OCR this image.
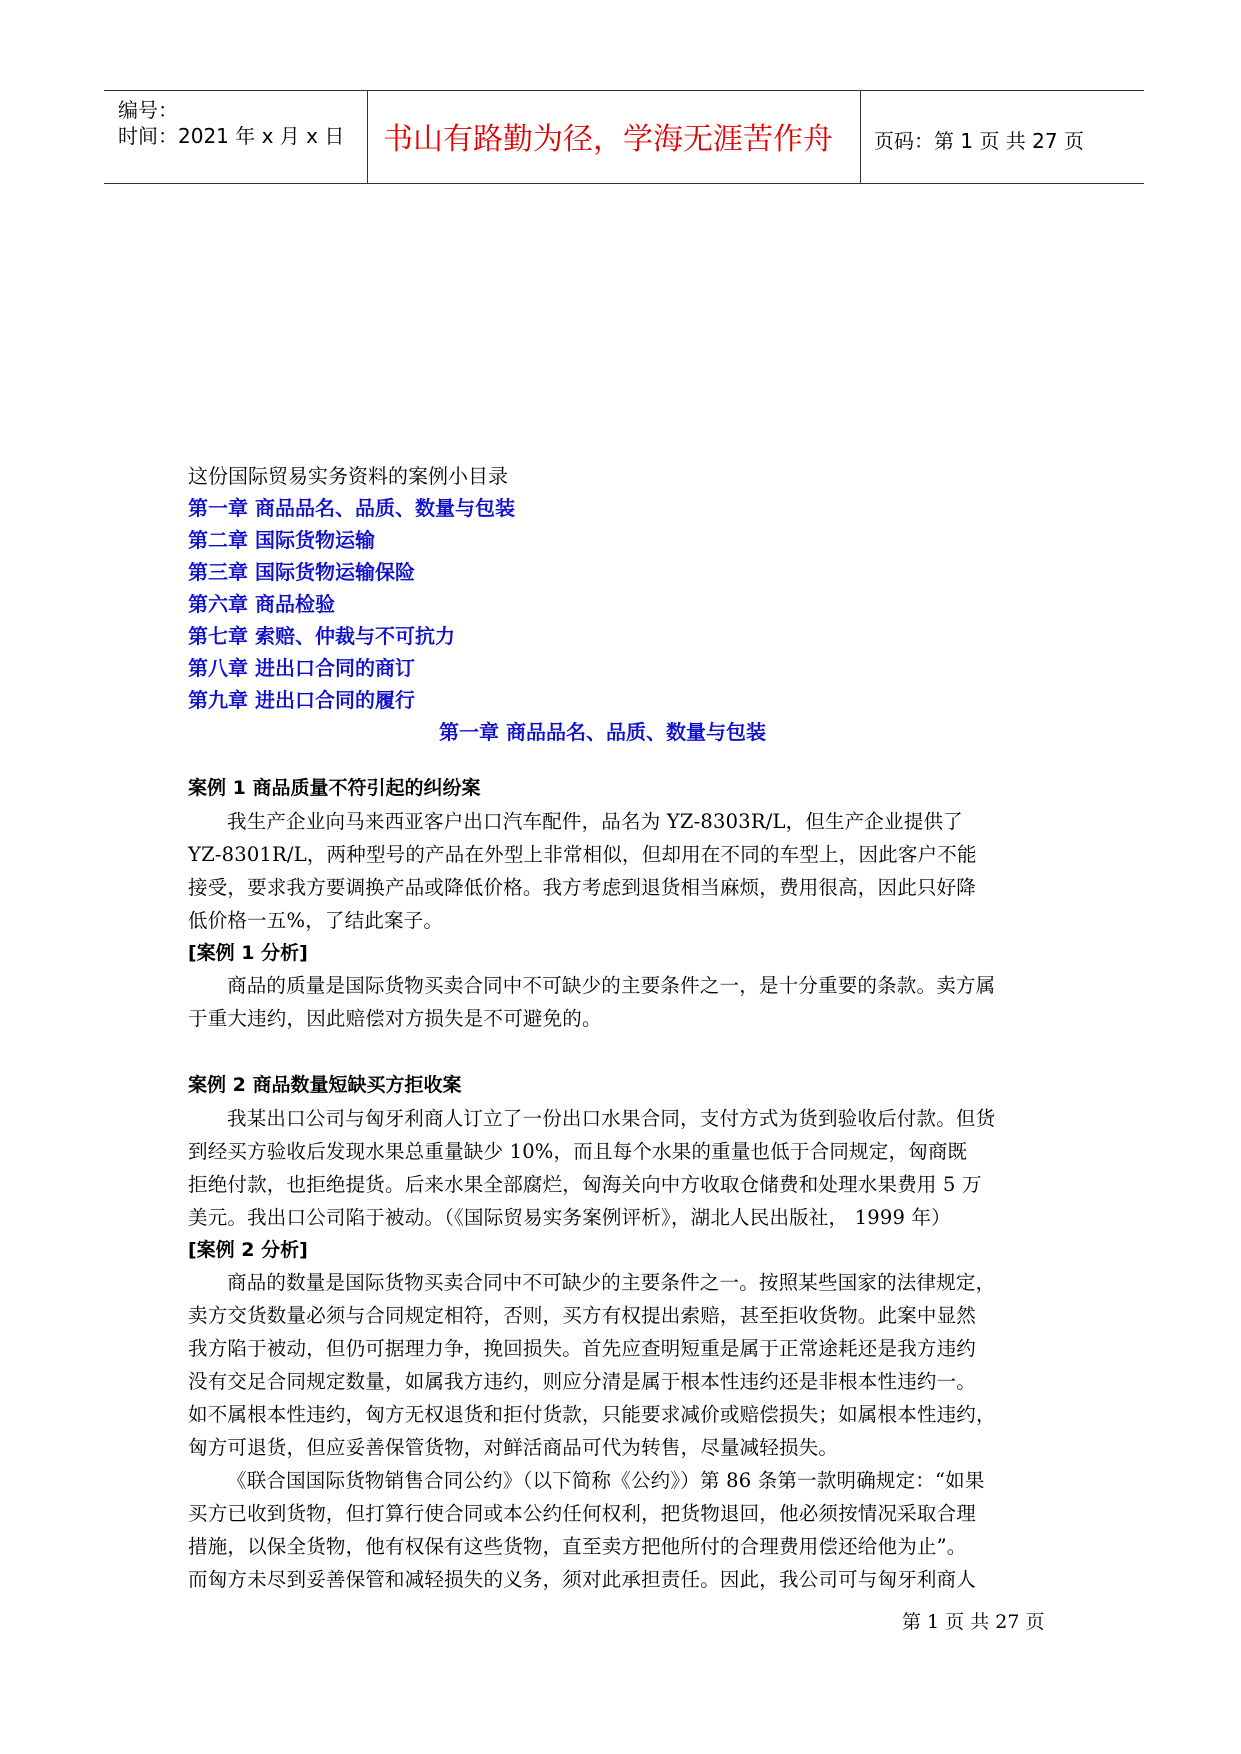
编号：
时间：2021 年 x 月 x 日	书山有路勤为径，学海无涯苦作舟	页码：第 1 页 共 27 页
这份国际贸易实务资料的案例小目录
第一章 商品品名、品质、数量与包装
第二章 国际货物运输
第三章 国际货物运输保险
第六章 商品检验
第七章 索赔、仲裁与不可抗力
第八章 进出口合同的商订
第九章 进出口合同的履行
第一章 商品品名、品质、数量与包装
案例 1 商品质量不符引起的纠纷案
我生产企业向马来西亚客户出口汽车配件，品名为 YZ-8303R/L，但生产企业提供了
YZ-8301R/L，两种型号的产品在外型上非常相似，但却用在不同的车型上，因此客户不能
接受，要求我方要调换产品或降低价格。我方考虑到退货相当麻烦，费用很高，因此只好降
低价格一五%，了结此案子。
[案例 1 分析]
商品的质量是国际货物买卖合同中不可缺少的主要条件之一，是十分重要的条款。卖方属
于重大违约，因此赔偿对方损失是不可避免的。
案例 2 商品数量短缺买方拒收案
我某出口公司与匈牙利商人订立了一份出口水果合同，支付方式为货到验收后付款。但货
到经买方验收后发现水果总重量缺少 10%，而且每个水果的重量也低于合同规定，匈商既
拒绝付款，也拒绝提货。后来水果全部腐烂，匈海关向中方收取仓储费和处理水果费用 5 万
美元。我出口公司陷于被动。（《国际贸易实务案例评析》，湖北人民出版社， 1999 年）
[案例 2 分析]
商品的数量是国际货物买卖合同中不可缺少的主要条件之一。按照某些国家的法律规定，
卖方交货数量必须与合同规定相符，否则，买方有权提出索赔，甚至拒收货物。此案中显然
我方陷于被动，但仍可据理力争，挽回损失。首先应查明短重是属于正常途耗还是我方违约
没有交足合同规定数量，如属我方违约，则应分清是属于根本性违约还是非根本性违约一。
如不属根本性违约，匈方无权退货和拒付货款，只能要求减价或赔偿损失；如属根本性违约，
匈方可退货，但应妥善保管货物，对鲜活商品可代为转售，尽量减轻损失。
《联合国国际货物销售合同公约》（以下简称《公约》）第 86 条第一款明确规定：“如果
买方已收到货物，但打算行使合同或本公约任何权利，把货物退回，他必须按情况采取合理
措施，以保全货物，他有权保有这些货物，直至卖方把他所付的合理费用偿还给他为止”。
而匈方未尽到妥善保管和减轻损失的义务，须对此承担责任。因此，我公司可与匈牙利商人
第 1 页 共 27 页
